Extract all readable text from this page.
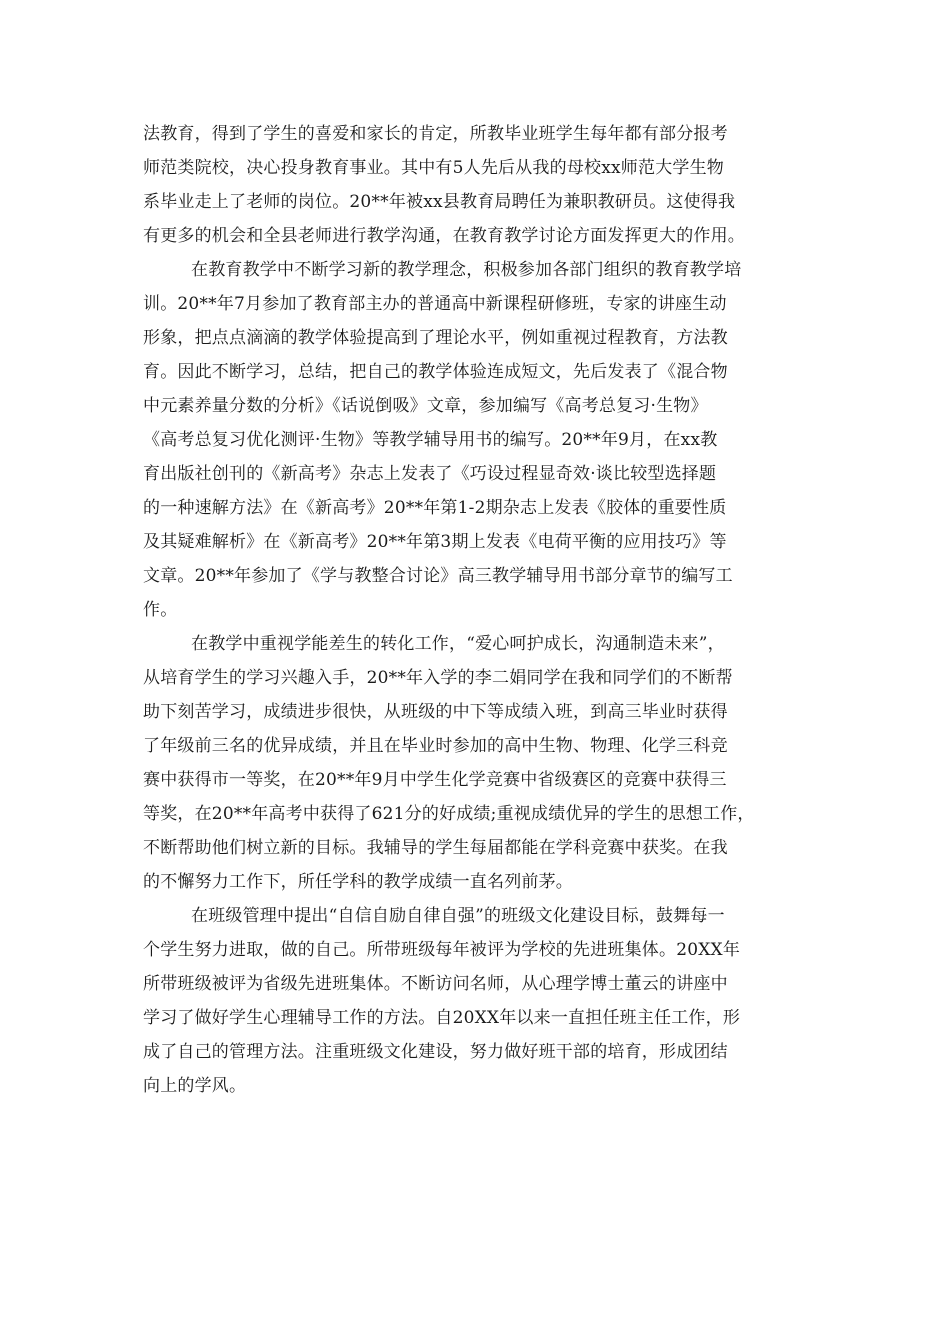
法教育，得到了学生的喜爱和家长的肯定，所教毕业班学生每年都有部分报考
师范类院校，决心投身教育事业。其中有5人先后从我的母校xx师范大学生物
系毕业走上了老师的岗位。20**年被xx县教育局聘任为兼职教研员。这使得我
有更多的机会和全县老师进行教学沟通，在教育教学讨论方面发挥更大的作用。
在教育教学中不断学习新的教学理念，积极参加各部门组织的教育教学培
训。20**年7月参加了教育部主办的普通高中新课程研修班，专家的讲座生动
形象，把点点滴滴的教学体验提高到了理论水平，例如重视过程教育，方法教
育。因此不断学习，总结，把自己的教学体验连成短文，先后发表了《混合物
中元素养量分数的分析》《话说倒吸》文章，参加编写《高考总复习·生物》
《高考总复习优化测评·生物》等教学辅导用书的编写。20**年9月，在xx教
育出版社创刊的《新高考》杂志上发表了《巧设过程显奇效·谈比较型选择题
的一种速解方法》在《新高考》20**年第1-2期杂志上发表《胶体的重要性质
及其疑难解析》在《新高考》20**年第3期上发表《电荷平衡的应用技巧》等
文章。20**年参加了《学与教整合讨论》高三教学辅导用书部分章节的编写工
作。
在教学中重视学能差生的转化工作，“爱心呵护成长，沟通制造未来”，
从培育学生的学习兴趣入手，20**年入学的李二娟同学在我和同学们的不断帮
助下刻苦学习，成绩进步很快，从班级的中下等成绩入班，到高三毕业时获得
了年级前三名的优异成绩，并且在毕业时参加的高中生物、物理、化学三科竞
赛中获得市一等奖，在20**年9月中学生化学竞赛中省级赛区的竞赛中获得三
等奖，在20**年高考中获得了621分的好成绩;重视成绩优异的学生的思想工作，
不断帮助他们树立新的目标。我辅导的学生每届都能在学科竞赛中获奖。在我
的不懈努力工作下，所任学科的教学成绩一直名列前茅。
在班级管理中提出“自信自励自律自强”的班级文化建设目标，鼓舞每一
个学生努力进取，做的自己。所带班级每年被评为学校的先进班集体。20XX年
所带班级被评为省级先进班集体。不断访问名师，从心理学博士董云的讲座中
学习了做好学生心理辅导工作的方法。自20XX年以来一直担任班主任工作，形
成了自己的管理方法。注重班级文化建设，努力做好班干部的培育，形成团结
向上的学风。
